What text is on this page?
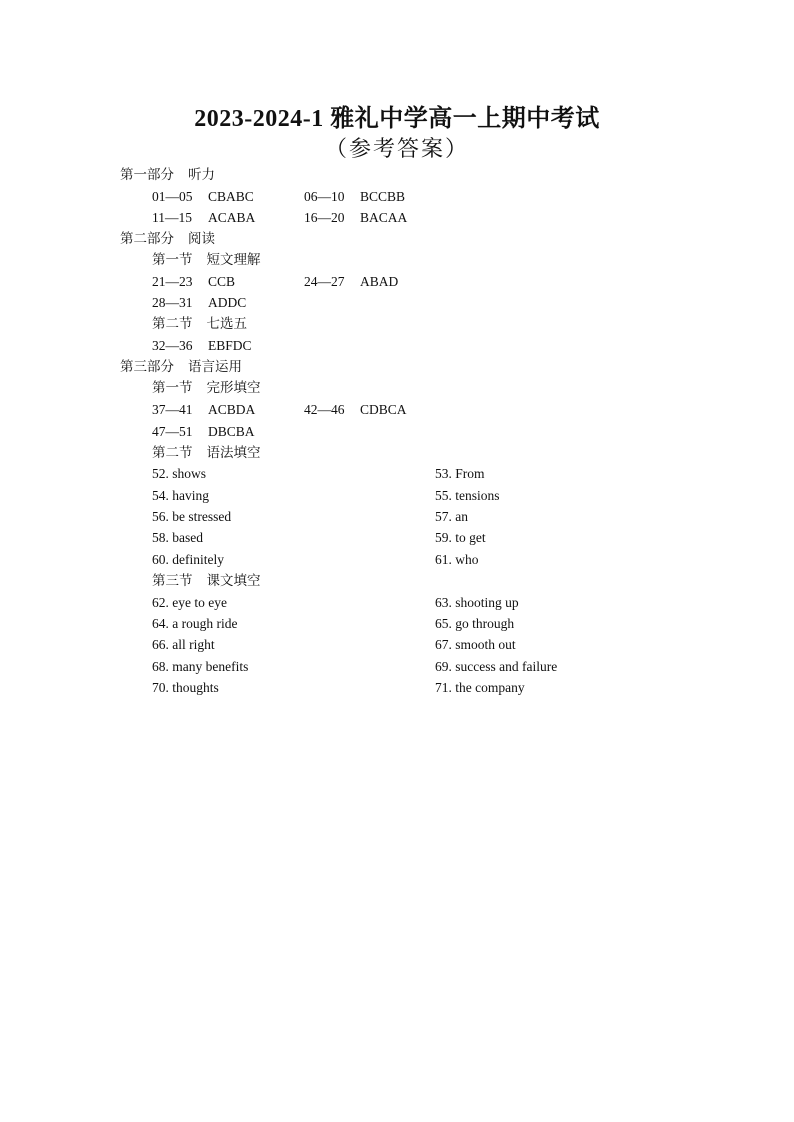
2023-2024-1 雅礼中学高一上期中考试
（参考答案）
第一部分 听力
01—05 CBABC	06—10 BCCBB
11—15 ACABA	16—20 BACAA
第二部分 阅读
第一节 短文理解
21—23 CCB	24—27 ABAD
28—31 ADDC
第二节 七选五
32—36 EBFDC
第三部分 语言运用
第一节 完形填空
37—41 ACBDA	42—46 CDBCA
47—51 DBCBA
第二节 语法填空
52. shows	53. From
54. having	55. tensions
56. be stressed	57. an
58. based	59. to get
60. definitely	61. who
第三节 课文填空
62. eye to eye	63. shooting up
64. a rough ride	65. go through
66. all right	67. smooth out
68. many benefits	69. success and failure
70. thoughts	71. the company
